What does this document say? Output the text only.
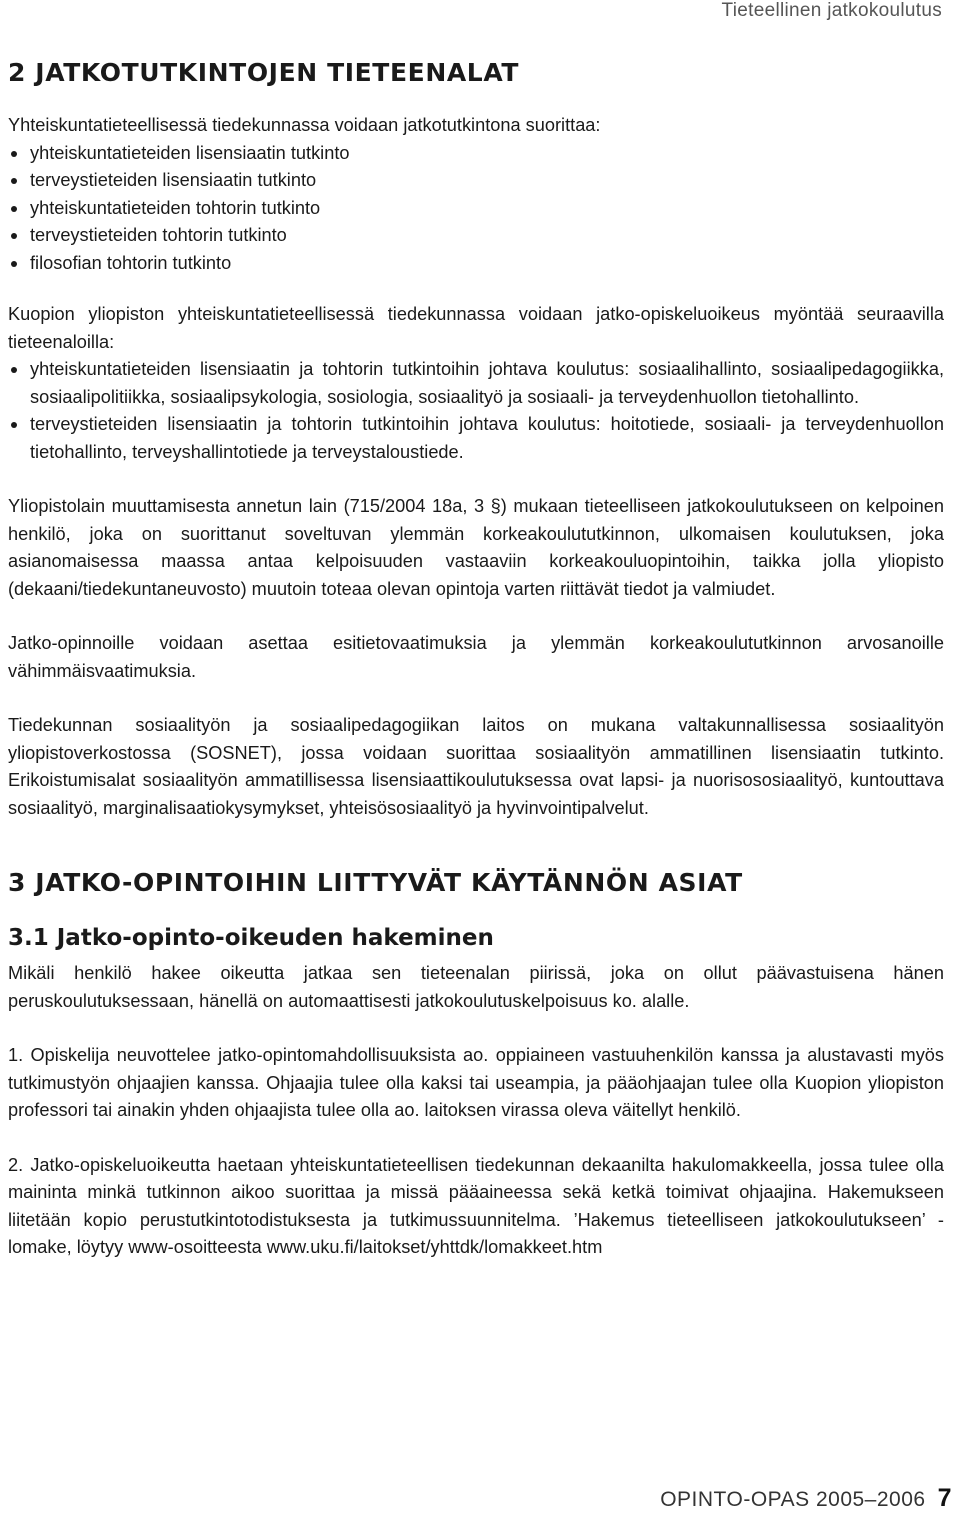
Tieteellinen jatkokoulutus
2 JATKOTUTKINTOJEN TIETEENALAT

Yhteiskuntatieteellisessä tiedekunnassa voidaan jatkotutkintona suorittaa:

yhteiskuntatieteiden lisensiaatin tutkinto
terveystieteiden lisensiaatin tutkinto
yhteiskuntatieteiden tohtorin tutkinto
terveystieteiden tohtorin tutkinto
filosofian tohtorin tutkinto

Kuopion yliopiston yhteiskuntatieteellisessä tiedekunnassa voidaan jatko-opiskeluoikeus myöntää seuraavilla tieteenaloilla:

yhteiskuntatieteiden lisensiaatin ja tohtorin tutkintoihin johtava koulutus: sosiaalihallinto, sosiaalipedagogiikka, sosiaalipolitiikka, sosiaalipsykologia, sosiologia, sosiaalityö ja sosiaali- ja terveydenhuollon tietohallinto.
terveystieteiden lisensiaatin ja tohtorin tutkintoihin johtava koulutus: hoitotiede, sosiaali- ja terveydenhuollon tietohallinto, terveyshallintotiede ja terveystaloustiede.

Yliopistolain muuttamisesta annetun lain (715/2004 18a, 3 §) mukaan tieteelliseen jatkokoulutukseen on kelpoinen henkilö, joka on suorittanut soveltuvan ylemmän korkeakoulututkinnon, ulkomaisen koulutuksen, joka asianomaisessa maassa antaa kelpoisuuden vastaaviin korkeakouluopintoihin, taikka jolla yliopisto (dekaani/tiedekuntaneuvosto) muutoin toteaa olevan opintoja varten riittävät tiedot ja valmiudet.

Jatko-opinnoille voidaan asettaa esitietovaatimuksia ja ylemmän korkeakoulututkinnon arvosanoille vähimmäisvaatimuksia.

Tiedekunnan sosiaalityön ja sosiaalipedagogiikan laitos on mukana valtakunnallisessa sosiaalityön yliopistoverkostossa (SOSNET), jossa voidaan suorittaa sosiaalityön ammatillinen lisensiaatin tutkinto. Erikoistumisalat sosiaalityön ammatillisessa lisensiaattikoulutuksessa ovat lapsi- ja nuorisososiaalityö, kuntouttava sosiaalityö, marginalisaatiokysymykset, yhteisösosiaalityö ja hyvinvointipalvelut.

3 JATKO-OPINTOIHIN LIITTYVÄT KÄYTÄNNÖN ASIAT
3.1 Jatko-opinto-oikeuden hakeminen

Mikäli henkilö hakee oikeutta jatkaa sen tieteenalan piirissä, joka on ollut päävastuisena hänen peruskoulutuksessaan, hänellä on automaattisesti jatkokoulutuskelpoisuus ko. alalle.

1. Opiskelija neuvottelee jatko-opintomahdollisuuksista ao. oppiaineen vastuuhenkilön kanssa ja alustavasti myös tutkimustyön ohjaajien kanssa. Ohjaajia tulee olla kaksi tai useampia, ja pääohjaajan tulee olla Kuopion yliopiston professori tai ainakin yhden ohjaajista tulee olla ao. laitoksen virassa oleva väitellyt henkilö.
2. Jatko-opiskeluoikeutta haetaan yhteiskuntatieteellisen tiedekunnan dekaanilta hakulomakkeella, jossa tulee olla maininta minkä tutkinnon aikoo suorittaa ja missä pääaineessa sekä ketkä toimivat ohjaajina. Hakemukseen liitetään kopio perustutkintotodistuksesta ja tutkimussuunnitelma. ’Hakemus tieteelliseen jatkokoulutukseen’ -lomake, löytyy www-osoitteesta www.uku.fi/laitokset/yhttdk/lomakkeet.htm
OPINTO-OPAS 2005–2006 7
